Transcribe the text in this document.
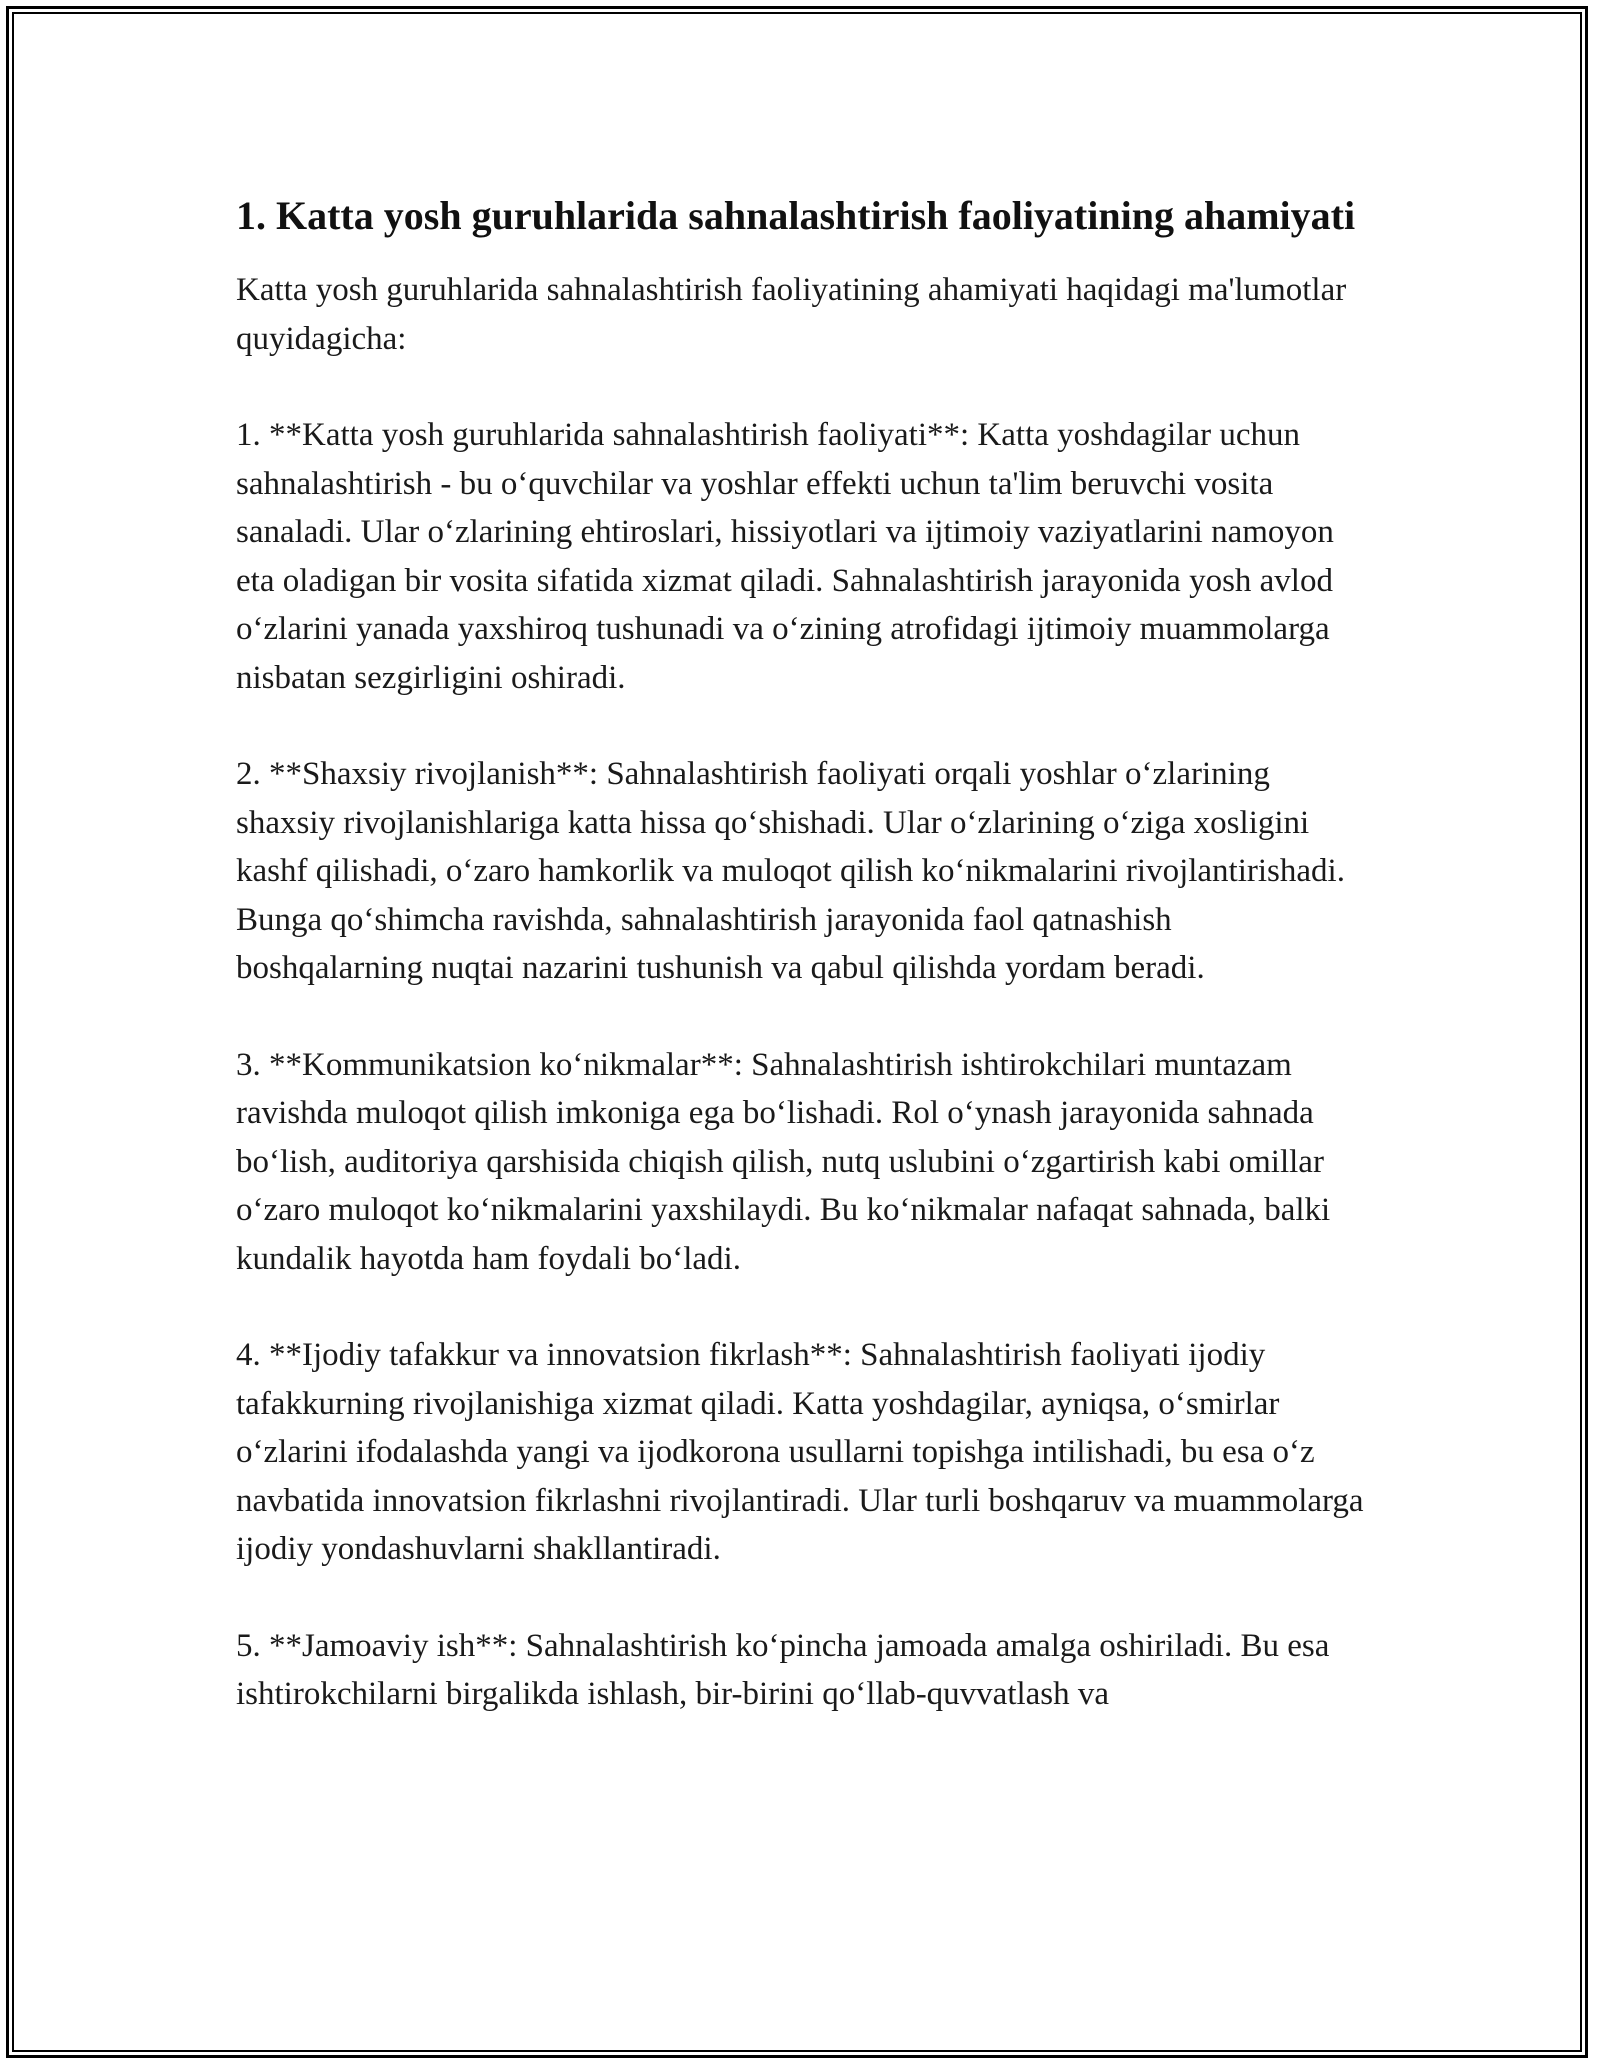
1. Katta yosh guruhlarida sahnalashtirish faoliyatining ahamiyati

Katta yosh guruhlarida sahnalashtirish faoliyatining ahamiyati haqidagi ma'lumotlar quyidagicha:

1. **Katta yosh guruhlarida sahnalashtirish faoliyati**: Katta yoshdagilar uchun sahnalashtirish - bu o‘quvchilar va yoshlar effekti uchun ta'lim beruvchi vosita sanaladi. Ular o‘zlarining ehtiroslari, hissiyotlari va ijtimoiy vaziyatlarini namoyon eta oladigan bir vosita sifatida xizmat qiladi. Sahnalashtirish jarayonida yosh avlod o‘zlarini yanada yaxshiroq tushunadi va o‘zining atrofidagi ijtimoiy muammolarga nisbatan sezgirligini oshiradi.

2. **Shaxsiy rivojlanish**: Sahnalashtirish faoliyati orqali yoshlar o‘zlarining shaxsiy rivojlanishlariga katta hissa qo‘shishadi. Ular o‘zlarining o‘ziga xosligini kashf qilishadi, o‘zaro hamkorlik va muloqot qilish ko‘nikmalarini rivojlantirishadi. Bunga qo‘shimcha ravishda, sahnalashtirish jarayonida faol qatnashish boshqalarning nuqtai nazarini tushunish va qabul qilishda yordam beradi.

3. **Kommunikatsion ko‘nikmalar**: Sahnalashtirish ishtirokchilari muntazam ravishda muloqot qilish imkoniga ega bo‘lishadi. Rol o‘ynash jarayonida sahnada bo‘lish, auditoriya qarshisida chiqish qilish, nutq uslubini o‘zgartirish kabi omillar o‘zaro muloqot ko‘nikmalarini yaxshilaydi. Bu ko‘nikmalar nafaqat sahnada, balki kundalik hayotda ham foydali bo‘ladi.

4. **Ijodiy tafakkur va innovatsion fikrlash**: Sahnalashtirish faoliyati ijodiy tafakkurning rivojlanishiga xizmat qiladi. Katta yoshdagilar, ayniqsa, o‘smirlar o‘zlarini ifodalashda yangi va ijodkorona usullarni topishga intilishadi, bu esa o‘z navbatida innovatsion fikrlashni rivojlantiradi. Ular turli boshqaruv va muammolarga ijodiy yondashuvlarni shakllantiradi.

5. **Jamoaviy ish**: Sahnalashtirish ko‘pincha jamoada amalga oshiriladi. Bu esa ishtirokchilarni birgalikda ishlash, bir-birini qo‘llab-quvvatlash va
